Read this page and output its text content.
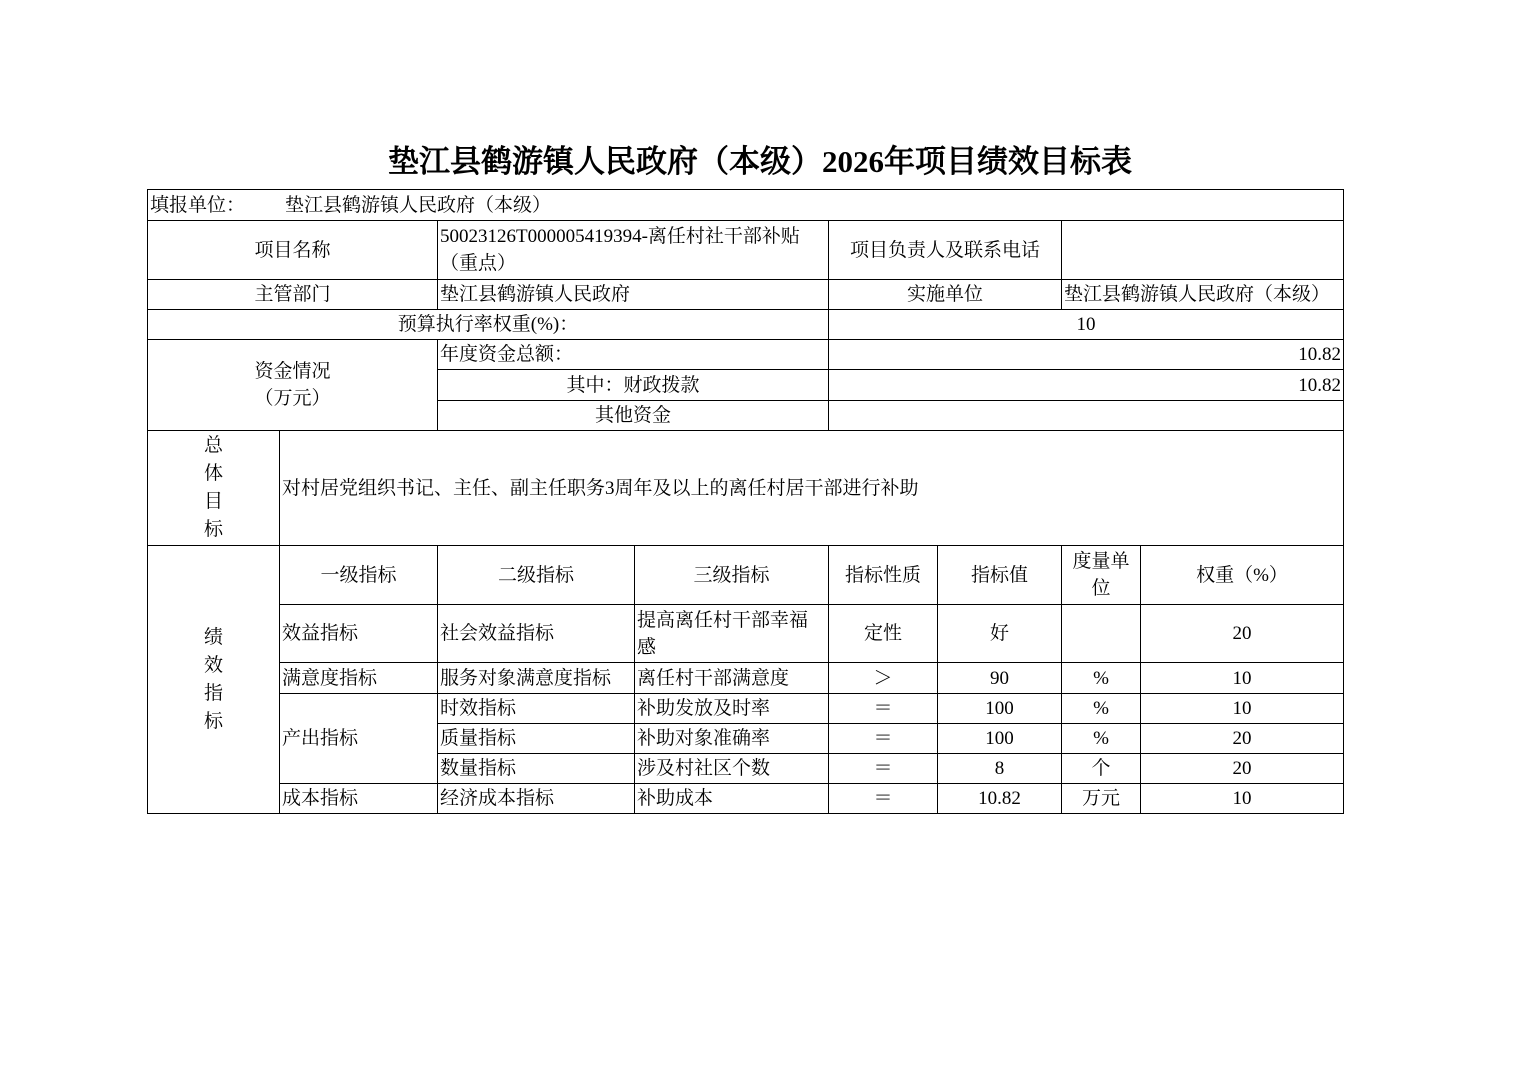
垫江县鹤游镇人民政府（本级）2026年项目绩效目标表
填报单位： 垫江县鹤游镇人民政府（本级）							
项目名称		50023126T000005419394-离任村社干部补贴（重点）		项目负责人及联系电话			
主管部门		垫江县鹤游镇人民政府		实施单位		垫江县鹤游镇人民政府（本级）	
预算执行率权重(%)：				10			

资金情况
（万元）		年度资金总额：		10.82			
		其中：财政拨款		10.82			
		其他资金					

总
体
目
标	对村居党组织书记、主任、副主任职务3周年及以上的离任村居干部进行补助						

绩
效
指
标	一级指标	二级指标	三级指标	指标性质	指标值	度量单位	权重（%）
	效益指标	社会效益指标	提高离任村干部幸福感	定性	好		20
	满意度指标	服务对象满意度指标	离任村干部满意度	＞	90	%	10
	产出指标	时效指标	补助发放及时率	＝	100	%	10
		质量指标	补助对象准确率	＝	100	%	20
		数量指标	涉及村社区个数	＝	8	个	20
	成本指标	经济成本指标	补助成本	＝	10.82	万元	10
